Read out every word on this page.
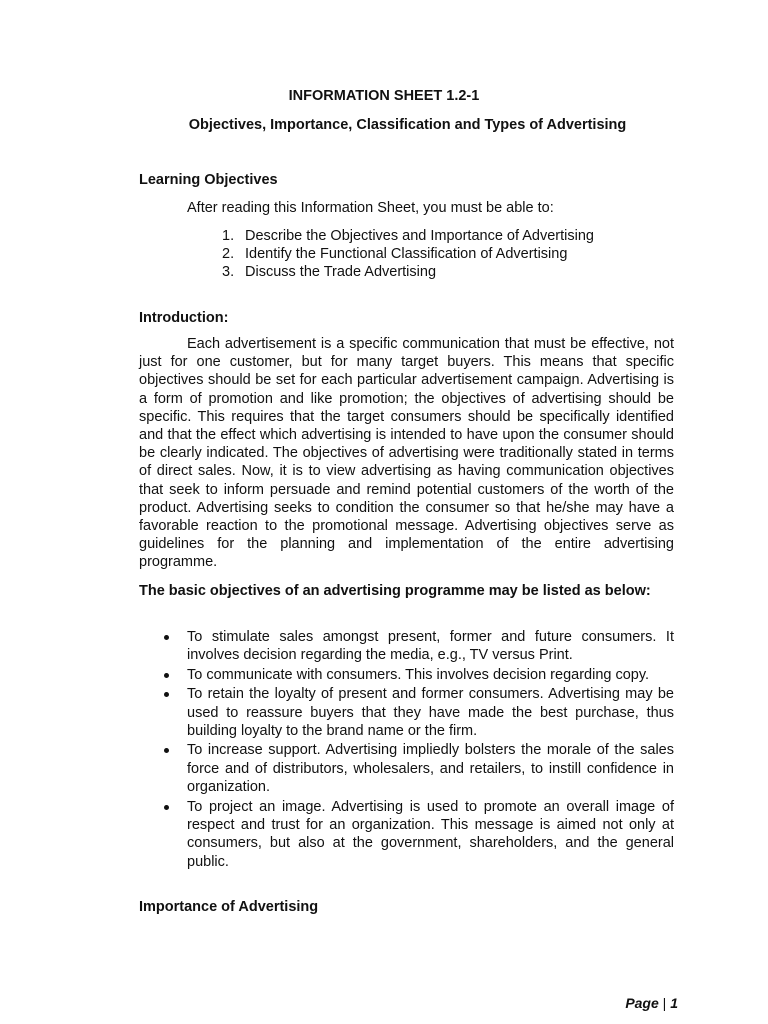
INFORMATION SHEET 1.2-1
Objectives, Importance, Classification and Types of Advertising
Learning Objectives
After reading this Information Sheet, you must be able to:
1. Describe the Objectives and Importance of Advertising
2. Identify the Functional Classification of Advertising
3. Discuss the Trade Advertising
Introduction:
Each advertisement is a specific communication that must be effective, not just for one customer, but for many target buyers. This means that specific objectives should be set for each particular advertisement campaign. Advertising is a form of promotion and like promotion; the objectives of advertising should be specific. This requires that the target consumers should be specifically identified and that the effect which advertising is intended to have upon the consumer should be clearly indicated. The objectives of advertising were traditionally stated in terms of direct sales. Now, it is to view advertising as having communication objectives that seek to inform persuade and remind potential customers of the worth of the product. Advertising seeks to condition the consumer so that he/she may have a favorable reaction to the promotional message. Advertising objectives serve as guidelines for the planning and implementation of the entire advertising programme.
The basic objectives of an advertising programme may be listed as below:
To stimulate sales amongst present, former and future consumers. It involves decision regarding the media, e.g., TV versus Print.
To communicate with consumers. This involves decision regarding copy.
To retain the loyalty of present and former consumers. Advertising may be used to reassure buyers that they have made the best purchase, thus building loyalty to the brand name or the firm.
To increase support. Advertising impliedly bolsters the morale of the sales force and of distributors, wholesalers, and retailers, to instill confidence in organization.
To project an image. Advertising is used to promote an overall image of respect and trust for an organization. This message is aimed not only at consumers, but also at the government, shareholders, and the general public.
Importance of Advertising
Page | 1
